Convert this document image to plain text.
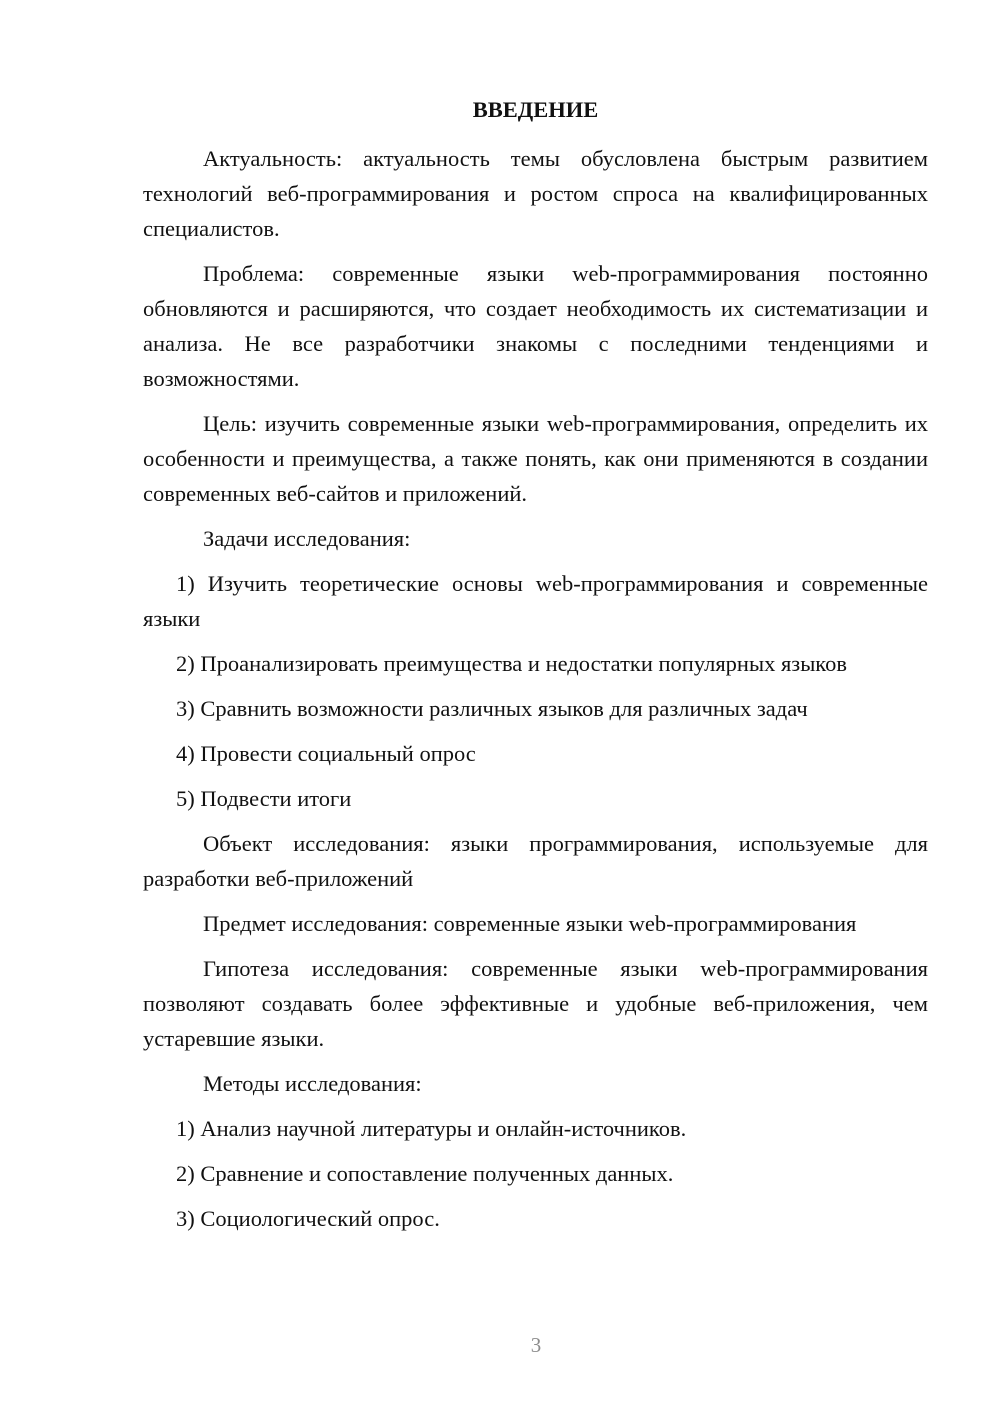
ВВЕДЕНИЕ

Актуальность: актуальность темы обусловлена быстрым развитием технологий веб-программирования и ростом спроса на квалифицированных специалистов.

Проблема: современные языки web-программирования постоянно обновляются и расширяются, что создает необходимость их систематизации и анализа. Не все разработчики знакомы с последними тенденциями и возможностями.

Цель: изучить современные языки web-программирования, определить их особенности и преимущества, а также понять, как они применяются в создании современных веб-сайтов и приложений.

Задачи исследования:

1) Изучить теоретические основы web-программирования и современные языки

2) Проанализировать преимущества и недостатки популярных языков

3) Сравнить возможности различных языков для различных задач

4) Провести социальный опрос

5) Подвести итоги

Объект исследования: языки программирования, используемые для разработки веб-приложений

Предмет исследования: современные языки web-программирования

Гипотеза исследования: современные языки web-программирования позволяют создавать более эффективные и удобные веб-приложения, чем устаревшие языки.

Методы исследования:

1) Анализ научной литературы и онлайн-источников.

2) Сравнение и сопоставление полученных данных.

3) Социологический опрос.

3
